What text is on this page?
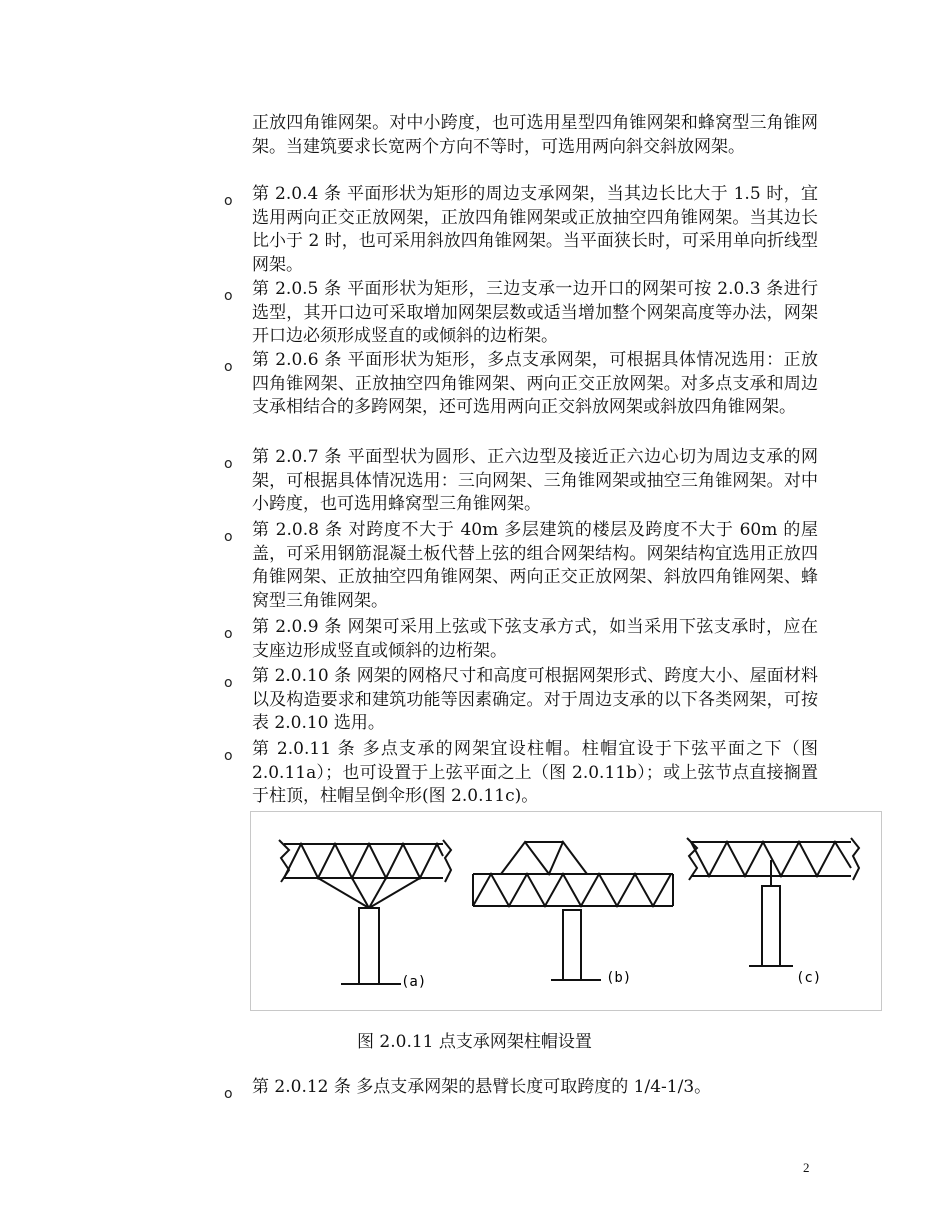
正放四角锥网架。对中小跨度，也可选用星型四角锥网架和蜂窝型三角锥网架。当建筑要求长宽两个方向不等时，可选用两向斜交斜放网架。
o 第 2.0.4 条 平面形状为矩形的周边支承网架，当其边长比大于 1.5 时，宜选用两向正交正放网架，正放四角锥网架或正放抽空四角锥网架。当其边长比小于 2 时，也可采用斜放四角锥网架。当平面狭长时，可采用单向折线型网架。
o 第 2.0.5 条 平面形状为矩形，三边支承一边开口的网架可按 2.0.3 条进行选型，其开口边可采取增加网架层数或适当增加整个网架高度等办法，网架开口边必须形成竖直的或倾斜的边桁架。
o 第 2.0.6 条 平面形状为矩形，多点支承网架，可根据具体情况选用：正放四角锥网架、正放抽空四角锥网架、两向正交正放网架。对多点支承和周边支承相结合的多跨网架，还可选用两向正交斜放网架或斜放四角锥网架。
o 第 2.0.7 条 平面型状为圆形、正六边型及接近正六边心切为周边支承的网架，可根据具体情况选用：三向网架、三角锥网架或抽空三角锥网架。对中小跨度，也可选用蜂窝型三角锥网架。
o 第 2.0.8 条 对跨度不大于 40m 多层建筑的楼层及跨度不大于 60m 的屋盖，可采用钢筋混凝土板代替上弦的组合网架结构。网架结构宜选用正放四角锥网架、正放抽空四角锥网架、两向正交正放网架、斜放四角锥网架、蜂窝型三角锥网架。
o 第 2.0.9 条 网架可采用上弦或下弦支承方式，如当采用下弦支承时，应在支座边形成竖直或倾斜的边桁架。
o 第 2.0.10 条 网架的网格尺寸和高度可根据网架形式、跨度大小、屋面材料以及构造要求和建筑功能等因素确定。对于周边支承的以下各类网架，可按表 2.0.10 选用。
o 第 2.0.11 条 多点支承的网架宜设柱帽。柱帽宜设于下弦平面之下（图 2.0.11a）；也可设置于上弦平面之上（图 2.0.11b）；或上弦节点直接搁置于柱顶，柱帽呈倒伞形(图 2.0.11c)。
(a)	(b)	(c)
图 2.0.11 点支承网架柱帽设置
o 第 2.0.12 条 多点支承网架的悬臂长度可取跨度的 1/4-1/3。
2
